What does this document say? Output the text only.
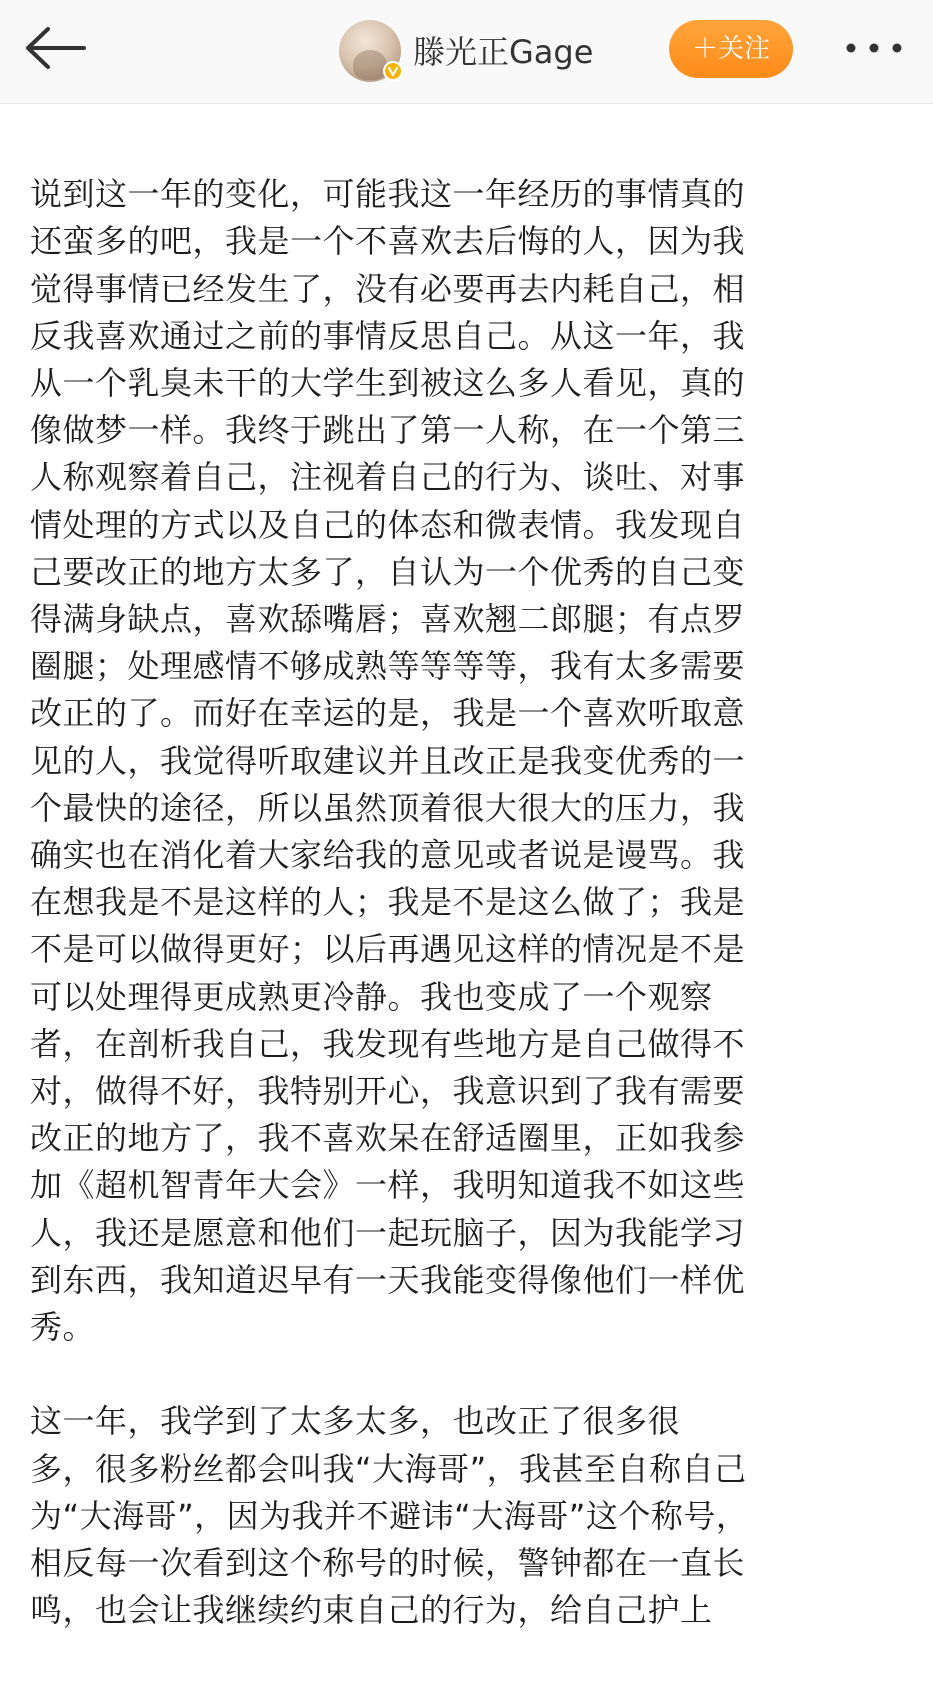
滕光正Gage	＋关注

说到这一年的变化，可能我这一年经历的事情真的
还蛮多的吧，我是一个不喜欢去后悔的人，因为我
觉得事情已经发生了，没有必要再去内耗自己，相
反我喜欢通过之前的事情反思自己。从这一年，我
从一个乳臭未干的大学生到被这么多人看见，真的
像做梦一样。我终于跳出了第一人称，在一个第三
人称观察着自己，注视着自己的行为、谈吐、对事
情处理的方式以及自己的体态和微表情。我发现自
己要改正的地方太多了，自认为一个优秀的自己变
得满身缺点，喜欢舔嘴唇；喜欢翘二郎腿；有点罗
圈腿；处理感情不够成熟等等等等，我有太多需要
改正的了。而好在幸运的是，我是一个喜欢听取意
见的人，我觉得听取建议并且改正是我变优秀的一
个最快的途径，所以虽然顶着很大很大的压力，我
确实也在消化着大家给我的意见或者说是谩骂。我
在想我是不是这样的人；我是不是这么做了；我是
不是可以做得更好；以后再遇见这样的情况是不是
可以处理得更成熟更冷静。我也变成了一个观察
者，在剖析我自己，我发现有些地方是自己做得不
对，做得不好，我特别开心，我意识到了我有需要
改正的地方了，我不喜欢呆在舒适圈里，正如我参
加《超机智青年大会》一样，我明知道我不如这些
人，我还是愿意和他们一起玩脑子，因为我能学习
到东西，我知道迟早有一天我能变得像他们一样优
秀。

这一年，我学到了太多太多，也改正了很多很
多，很多粉丝都会叫我“大海哥”，我甚至自称自己
为“大海哥”，因为我并不避讳“大海哥”这个称号，
相反每一次看到这个称号的时候，警钟都在一直长
鸣，也会让我继续约束自己的行为，给自己护上
